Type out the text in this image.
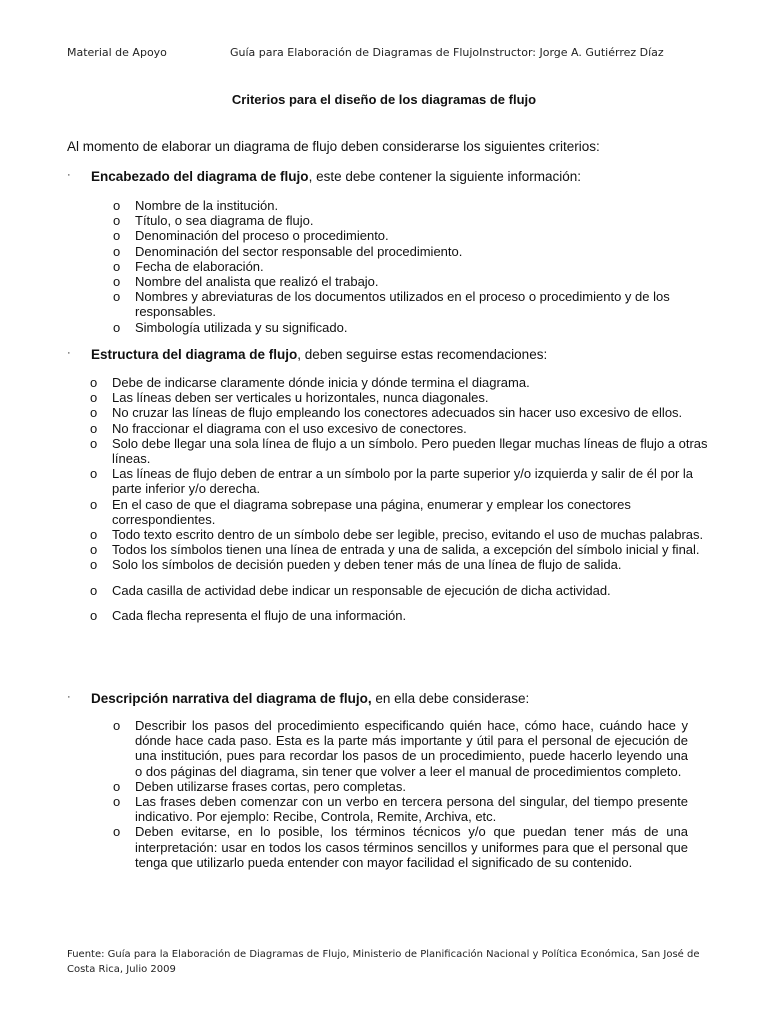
Material de Apoyo	Guía para Elaboración de Diagramas de FlujoInstructor: Jorge A. Gutiérrez Díaz
Criterios para el diseño de los diagramas de flujo
Al momento de elaborar un diagrama de flujo deben considerarse los siguientes criterios:
· Encabezado del diagrama de flujo, este debe contener la siguiente información:
o Nombre de la institución.
o Título, o sea diagrama de flujo.
o Denominación del proceso o procedimiento.
o Denominación del sector responsable del procedimiento.
o Fecha de elaboración.
o Nombre del analista que realizó el trabajo.
o Nombres y abreviaturas de los documentos utilizados en el proceso o procedimiento y de los responsables.
o Simbología utilizada y su significado.
· Estructura del diagrama de flujo, deben seguirse estas recomendaciones:
o Debe de indicarse claramente dónde inicia y dónde termina el diagrama.
o Las líneas deben ser verticales u horizontales, nunca diagonales.
o No cruzar las líneas de flujo empleando los conectores adecuados sin hacer uso excesivo de ellos.
o No fraccionar el diagrama con el uso excesivo de conectores.
o Solo debe llegar una sola línea de flujo a un símbolo. Pero pueden llegar muchas líneas de flujo a otras líneas.
o Las líneas de flujo deben de entrar a un símbolo por la parte superior y/o izquierda y salir de él por la parte inferior y/o derecha.
o En el caso de que el diagrama sobrepase una página, enumerar y emplear los conectores correspondientes.
o Todo texto escrito dentro de un símbolo debe ser legible, preciso, evitando el uso de muchas palabras.
o Todos los símbolos tienen una línea de entrada y una de salida, a excepción del símbolo inicial y final.
o Solo los símbolos de decisión pueden y deben tener más de una línea de flujo de salida.
o Cada casilla de actividad debe indicar un responsable de ejecución de dicha actividad.
o Cada flecha representa el flujo de una información.
· Descripción narrativa del diagrama de flujo, en ella debe considerase:
o Describir los pasos del procedimiento especificando quién hace, cómo hace, cuándo hace y dónde hace cada paso. Esta es la parte más importante y útil para el personal de ejecución de una institución, pues para recordar los pasos de un procedimiento, puede hacerlo leyendo una o dos páginas del diagrama, sin tener que volver a leer el manual de procedimientos completo.
o Deben utilizarse frases cortas, pero completas.
o Las frases deben comenzar con un verbo en tercera persona del singular, del tiempo presente indicativo. Por ejemplo: Recibe, Controla, Remite, Archiva, etc.
o Deben evitarse, en lo posible, los términos técnicos y/o que puedan tener más de una interpretación: usar en todos los casos términos sencillos y uniformes para que el personal que tenga que utilizarlo pueda entender con mayor facilidad el significado de su contenido.
Fuente: Guía para la Elaboración de Diagramas de Flujo, Ministerio de Planificación Nacional y Política Económica, San José de Costa Rica, Julio 2009
